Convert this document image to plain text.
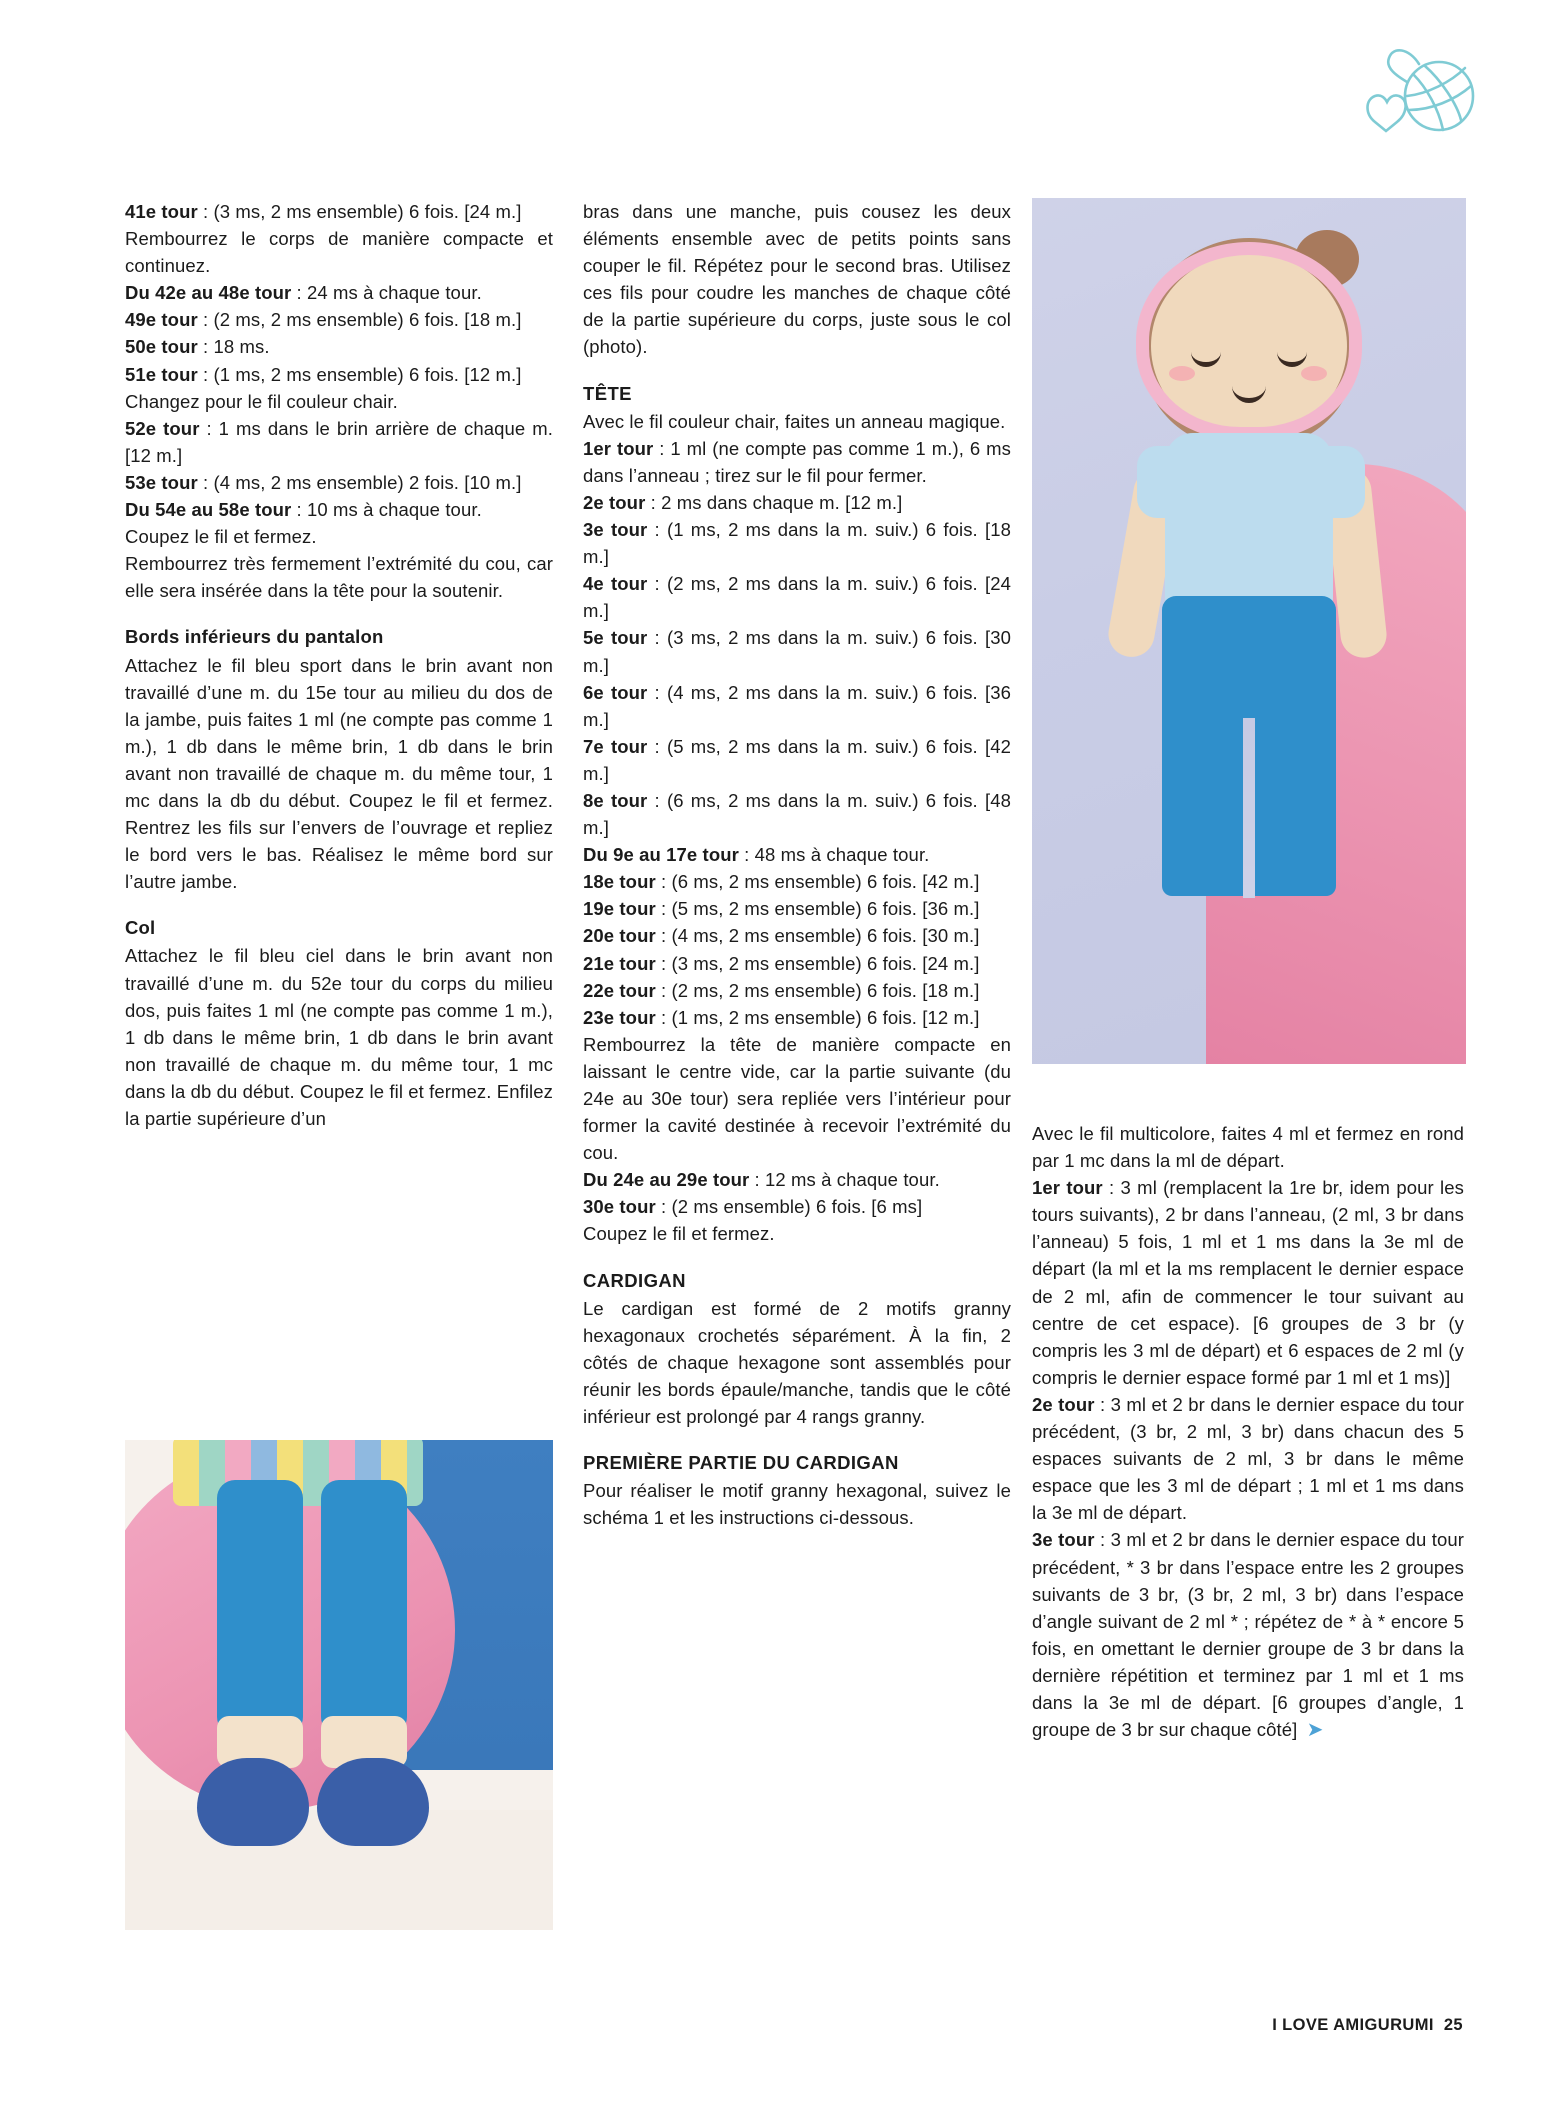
41e tour : (3 ms, 2 ms ensemble) 6 fois. [24 m.]

Rembourrez le corps de manière compacte et continuez.

Du 42e au 48e tour : 24 ms à chaque tour.

49e tour : (2 ms, 2 ms ensemble) 6 fois. [18 m.]

50e tour : 18 ms.

51e tour : (1 ms, 2 ms ensemble) 6 fois. [12 m.]

Changez pour le fil couleur chair.

52e tour : 1 ms dans le brin arrière de chaque m. [12 m.]

53e tour : (4 ms, 2 ms ensemble) 2 fois. [10 m.]

Du 54e au 58e tour : 10 ms à chaque tour.

Coupez le fil et fermez.

Rembourrez très fermement l’extrémité du cou, car elle sera insérée dans la tête pour la soutenir.

Bords inférieurs du pantalon

Attachez le fil bleu sport dans le brin avant non travaillé d’une m. du 15e tour au milieu du dos de la jambe, puis faites 1 ml (ne compte pas comme 1 m.), 1 db dans le même brin, 1 db dans le brin avant non travaillé de chaque m. du même tour, 1 mc dans la db du début. Coupez le fil et fermez. Rentrez les fils sur l’envers de l’ouvrage et repliez le bord vers le bas. Réalisez le même bord sur l’autre jambe.

Col

Attachez le fil bleu ciel dans le brin avant non travaillé d’une m. du 52e tour du corps du milieu dos, puis faites 1 ml (ne compte pas comme 1 m.), 1 db dans le même brin, 1 db dans le brin avant non travaillé de chaque m. du même tour, 1 mc dans la db du début. Coupez le fil et fermez. Enfilez la partie supérieure d’un

bras dans une manche, puis cousez les deux éléments ensemble avec de petits points sans couper le fil. Répétez pour le second bras. Utilisez ces fils pour coudre les manches de chaque côté de la partie supérieure du corps, juste sous le col (photo).

TÊTE

Avec le fil couleur chair, faites un anneau magique.

1er tour : 1 ml (ne compte pas comme 1 m.), 6 ms dans l’anneau ; tirez sur le fil pour fermer.

2e tour : 2 ms dans chaque m. [12 m.]

3e tour : (1 ms, 2 ms dans la m. suiv.) 6 fois. [18 m.]

4e tour : (2 ms, 2 ms dans la m. suiv.) 6 fois. [24 m.]

5e tour : (3 ms, 2 ms dans la m. suiv.) 6 fois. [30 m.]

6e tour : (4 ms, 2 ms dans la m. suiv.) 6 fois. [36 m.]

7e tour : (5 ms, 2 ms dans la m. suiv.) 6 fois. [42 m.]

8e tour : (6 ms, 2 ms dans la m. suiv.) 6 fois. [48 m.]

Du 9e au 17e tour : 48 ms à chaque tour.

18e tour : (6 ms, 2 ms ensemble) 6 fois. [42 m.]

19e tour : (5 ms, 2 ms ensemble) 6 fois. [36 m.]

20e tour : (4 ms, 2 ms ensemble) 6 fois. [30 m.]

21e tour : (3 ms, 2 ms ensemble) 6 fois. [24 m.]

22e tour : (2 ms, 2 ms ensemble) 6 fois. [18 m.]

23e tour : (1 ms, 2 ms ensemble) 6 fois. [12 m.]

Rembourrez la tête de manière compacte en laissant le centre vide, car la partie suivante (du 24e au 30e tour) sera repliée vers l’intérieur pour former la cavité destinée à recevoir l’extrémité du cou.

Du 24e au 29e tour : 12 ms à chaque tour.

30e tour : (2 ms ensemble) 6 fois. [6 ms]

Coupez le fil et fermez.

CARDIGAN

Le cardigan est formé de 2 motifs granny hexagonaux crochetés séparément. À la fin, 2 côtés de chaque hexagone sont assemblés pour réunir les bords épaule/manche, tandis que le côté inférieur est prolongé par 4 rangs granny.

PREMIÈRE PARTIE DU CARDIGAN

Pour réaliser le motif granny hexagonal, suivez le schéma 1 et les instructions ci-dessous.

Avec le fil multicolore, faites 4 ml et fermez en rond par 1 mc dans la ml de départ.

1er tour : 3 ml (remplacent la 1re br, idem pour les tours suivants), 2 br dans l’anneau, (2 ml, 3 br dans l’anneau) 5 fois, 1 ml et 1 ms dans la 3e ml de départ (la ml et la ms remplacent le dernier espace de 2 ml, afin de commencer le tour suivant au centre de cet espace). [6 groupes de 3 br (y compris les 3 ml de départ) et 6 espaces de 2 ml (y compris le dernier espace formé par 1 ml et 1 ms)]

2e tour : 3 ml et 2 br dans le dernier espace du tour précédent, (3 br, 2 ml, 3 br) dans chacun des 5 espaces suivants de 2 ml, 3 br dans le même espace que les 3 ml de départ ; 1 ml et 1 ms dans la 3e ml de départ.

3e tour : 3 ml et 2 br dans le dernier espace du tour précédent, * 3 br dans l’espace entre les 2 groupes suivants de 3 br, (3 br, 2 ml, 3 br) dans l’espace d’angle suivant de 2 ml * ; répétez de * à * encore 5 fois, en omettant le dernier groupe de 3 br dans la dernière répétition et terminez par 1 ml et 1 ms dans la 3e ml de départ. [6 groupes d’angle, 1 groupe de 3 br sur chaque côté] ➤

I LOVE AMIGURUMI 25
